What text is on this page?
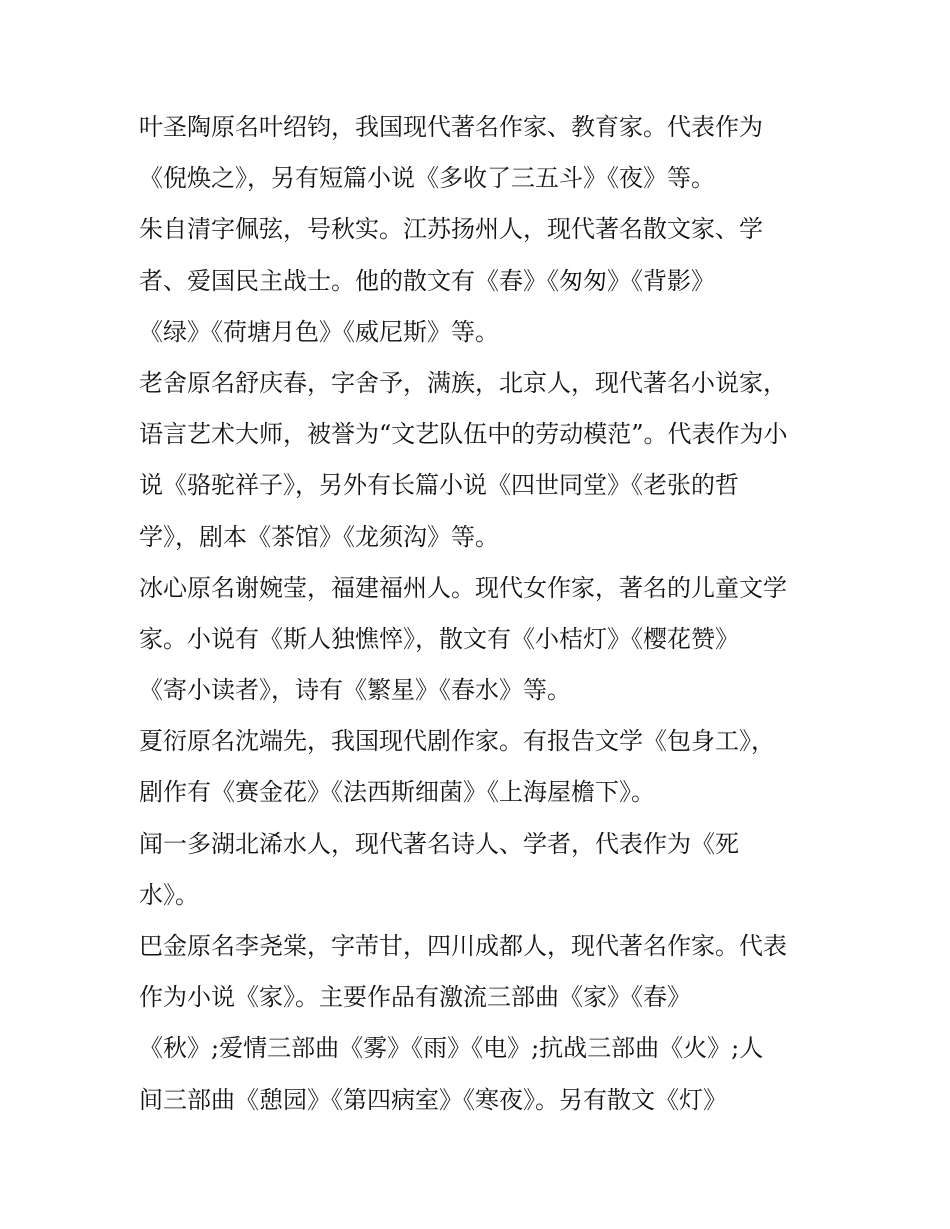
叶圣陶原名叶绍钧，我国现代著名作家、教育家。代表作为
《倪焕之》，另有短篇小说《多收了三五斗》《夜》等。
朱自清字佩弦，号秋实。江苏扬州人，现代著名散文家、学
者、爱国民主战士。他的散文有《春》《匆匆》《背影》
《绿》《荷塘月色》《威尼斯》等。
老舍原名舒庆春，字舍予，满族，北京人，现代著名小说家，
语言艺术大师，被誉为“文艺队伍中的劳动模范”。代表作为小
说《骆驼祥子》，另外有长篇小说《四世同堂》《老张的哲
学》，剧本《茶馆》《龙须沟》等。
冰心原名谢婉莹，福建福州人。现代女作家，著名的儿童文学
家。小说有《斯人独憔悴》，散文有《小桔灯》《樱花赞》
《寄小读者》，诗有《繁星》《春水》等。
夏衍原名沈端先，我国现代剧作家。有报告文学《包身工》，
剧作有《赛金花》《法西斯细菌》《上海屋檐下》。
闻一多湖北浠水人，现代著名诗人、学者，代表作为《死
水》。
巴金原名李尧棠，字芾甘，四川成都人，现代著名作家。代表
作为小说《家》。主要作品有激流三部曲《家》《春》
《秋》;爱情三部曲《雾》《雨》《电》;抗战三部曲《火》;人
间三部曲《憩园》《第四病室》《寒夜》。另有散文《灯》
